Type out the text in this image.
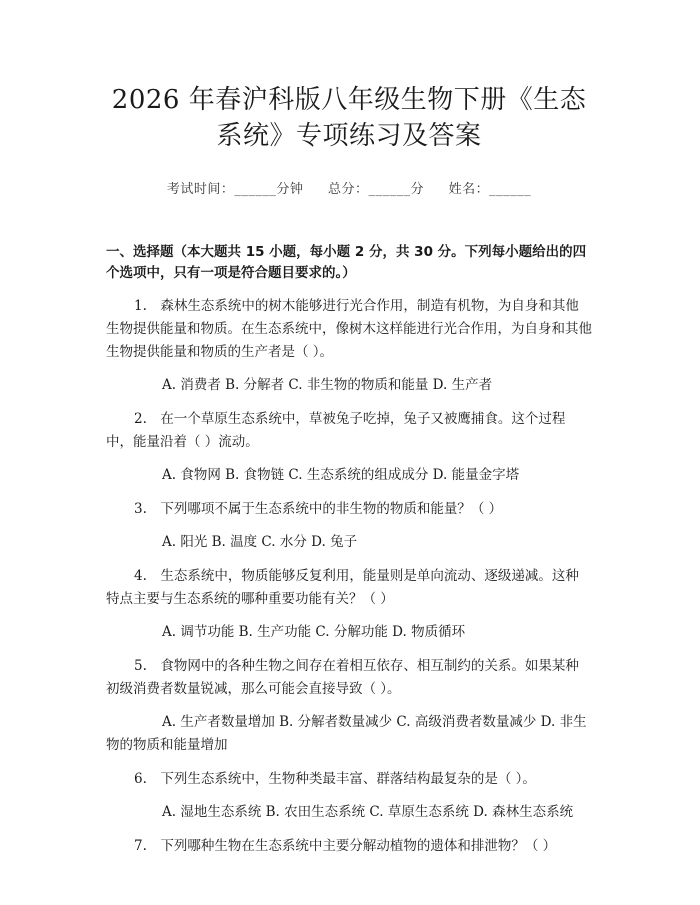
2026 年春沪科版八年级生物下册《生态系统》专项练习及答案
考试时间：______分钟 总分：______分 姓名：______
一、选择题（本大题共 15 小题，每小题 2 分，共 30 分。下列每小题给出的四个选项中，只有一项是符合题目要求的。）

1.　森林生态系统中的树木能够进行光合作用，制造有机物，为自身和其他生物提供能量和物质。在生态系统中，像树木这样能进行光合作用，为自身和其他生物提供能量和物质的生产者是（ ）。

A. 消费者 B. 分解者 C. 非生物的物质和能量 D. 生产者

2.　在一个草原生态系统中，草被兔子吃掉，兔子又被鹰捕食。这个过程中，能量沿着（ ）流动。

A. 食物网 B. 食物链 C. 生态系统的组成成分 D. 能量金字塔

3.　下列哪项不属于生态系统中的非生物的物质和能量？（ ）

A. 阳光 B. 温度 C. 水分 D. 兔子

4.　生态系统中，物质能够反复利用，能量则是单向流动、逐级递减。这种特点主要与生态系统的哪种重要功能有关？（ ）

A. 调节功能 B. 生产功能 C. 分解功能 D. 物质循环

5.　食物网中的各种生物之间存在着相互依存、相互制约的关系。如果某种初级消费者数量锐减，那么可能会直接导致（ ）。

A. 生产者数量增加 B. 分解者数量减少 C. 高级消费者数量减少 D. 非生物的物质和能量增加

6.　下列生态系统中，生物种类最丰富、群落结构最复杂的是（ ）。

A. 湿地生态系统 B. 农田生态系统 C. 草原生态系统 D. 森林生态系统

7.　下列哪种生物在生态系统中主要分解动植物的遗体和排泄物？（ ）
